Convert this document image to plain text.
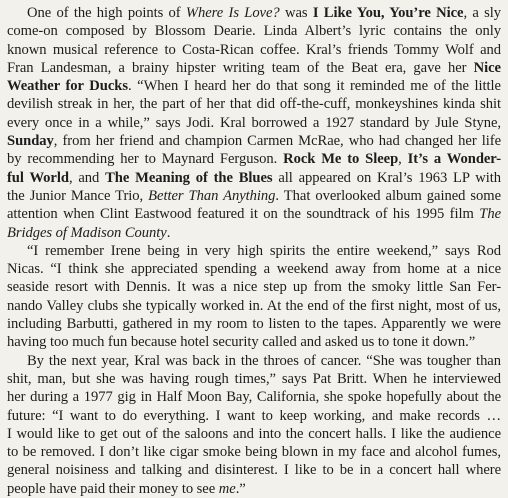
One of the high points of Where Is Love? was I Like You, You’re Nice, a sly
come-on composed by Blossom Dearie. Linda Albert’s lyric contains the only
known musical reference to Costa-Rican coffee. Kral’s friends Tommy Wolf and
Fran Landesman, a brainy hipster writing team of the Beat era, gave her Nice
Weather for Ducks. “When I heard her do that song it reminded me of the little
devilish streak in her, the part of her that did off-the-cuff, monkeyshines kinda shit
every once in a while,” says Jodi. Kral borrowed a 1927 standard by Jule Styne,
Sunday, from her friend and champion Carmen McRae, who had changed her life
by recommending her to Maynard Ferguson. Rock Me to Sleep, It’s a Wonder-
ful World, and The Meaning of the Blues all appeared on Kral’s 1963 LP with
the Junior Mance Trio, Better Than Anything. That overlooked album gained some
attention when Clint Eastwood featured it on the soundtrack of his 1995 film The
Bridges of Madison County.
“I remember Irene being in very high spirits the entire weekend,” says Rod
Nicas. “I think she appreciated spending a weekend away from home at a nice
seaside resort with Dennis. It was a nice step up from the smoky little San Fer-
nando Valley clubs she typically worked in. At the end of the first night, most of us,
including Barbutti, gathered in my room to listen to the tapes. Apparently we were
having too much fun because hotel security called and asked us to tone it down.”
By the next year, Kral was back in the throes of cancer. “She was tougher than
shit, man, but she was having rough times,” says Pat Britt. When he interviewed
her during a 1977 gig in Half Moon Bay, California, she spoke hopefully about the
future: “I want to do everything. I want to keep working, and make records …
I would like to get out of the saloons and into the concert halls. I like the audience
to be removed. I don’t like cigar smoke being blown in my face and alcohol fumes,
general noisiness and talking and disinterest. I like to be in a concert hall where
people have paid their money to see me.”
